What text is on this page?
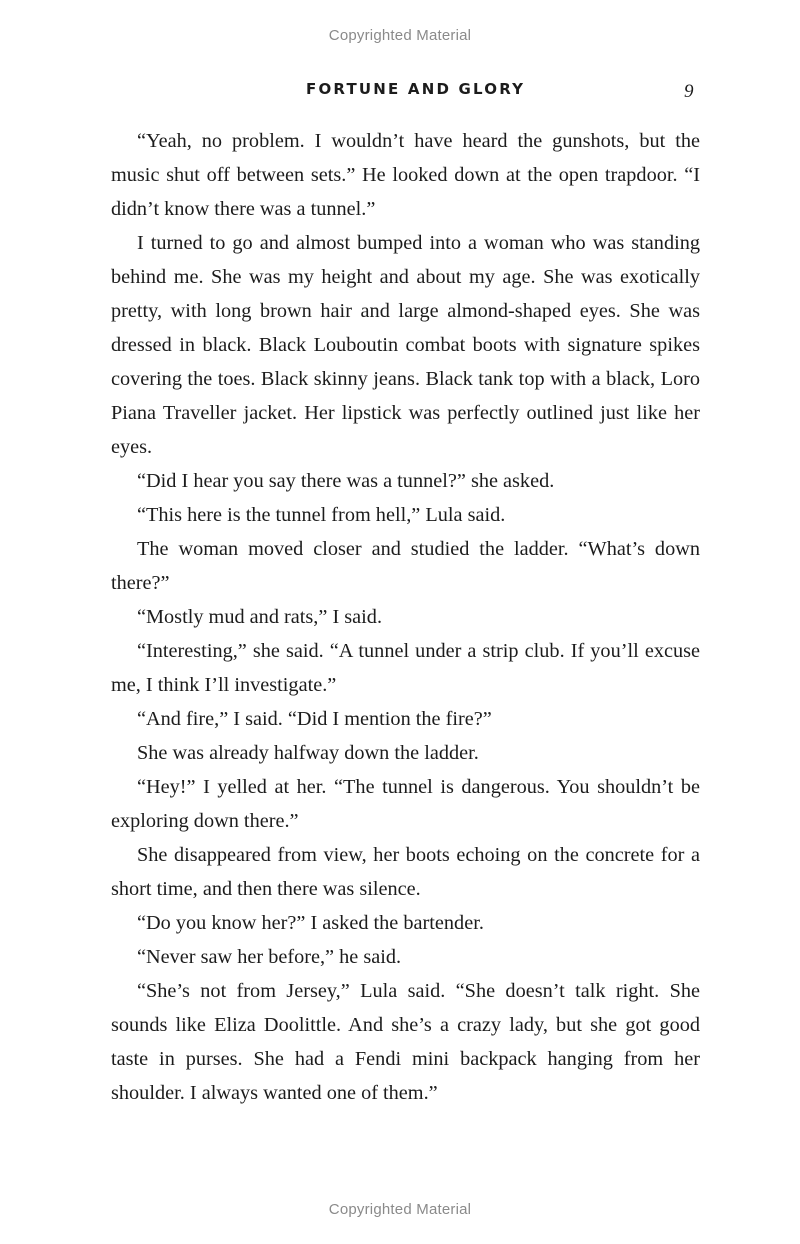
Copyrighted Material
FORTUNE AND GLORY	9

“Yeah, no problem. I wouldn’t have heard the gunshots, but the music shut off between sets.” He looked down at the open trapdoor. “I didn’t know there was a tunnel.”

I turned to go and almost bumped into a woman who was standing behind me. She was my height and about my age. She was exotically pretty, with long brown hair and large almond-shaped eyes. She was dressed in black. Black Louboutin combat boots with signature spikes covering the toes. Black skinny jeans. Black tank top with a black, Loro Piana Traveller jacket. Her lipstick was perfectly outlined just like her eyes.

“Did I hear you say there was a tunnel?” she asked.

“This here is the tunnel from hell,” Lula said.

The woman moved closer and studied the ladder. “What’s down there?”

“Mostly mud and rats,” I said.

“Interesting,” she said. “A tunnel under a strip club. If you’ll excuse me, I think I’ll investigate.”

“And fire,” I said. “Did I mention the fire?”

She was already halfway down the ladder.

“Hey!” I yelled at her. “The tunnel is dangerous. You shouldn’t be exploring down there.”

She disappeared from view, her boots echoing on the concrete for a short time, and then there was silence.

“Do you know her?” I asked the bartender.

“Never saw her before,” he said.

“She’s not from Jersey,” Lula said. “She doesn’t talk right. She sounds like Eliza Doolittle. And she’s a crazy lady, but she got good taste in purses. She had a Fendi mini backpack hanging from her shoulder. I always wanted one of them.”

Copyrighted Material
